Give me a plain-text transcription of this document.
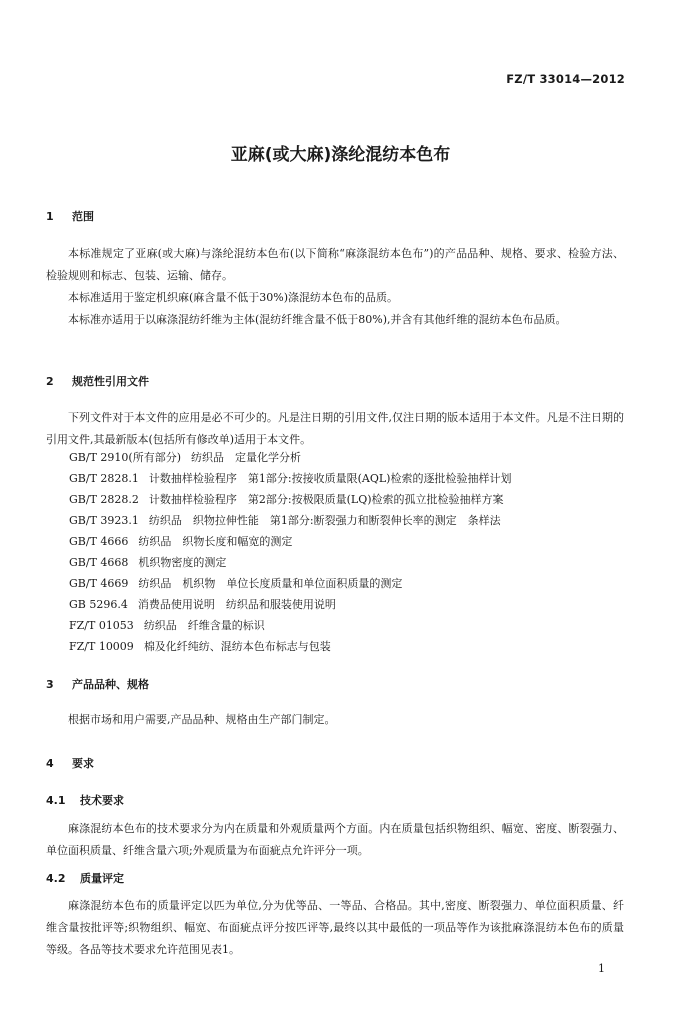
FZ/T 33014—2012
亚麻(或大麻)涤纶混纺本色布
1 范围

本标准规定了亚麻(或大麻)与涤纶混纺本色布(以下简称“麻涤混纺本色布”)的产品品种、规格、要求、检验方法、检验规则和标志、包装、运输、储存。

本标准适用于鉴定机织麻(麻含量不低于30%)涤混纺本色布的品质。

本标准亦适用于以麻涤混纺纤维为主体(混纺纤维含量不低于80%),并含有其他纤维的混纺本色布品质。

2 规范性引用文件

下列文件对于本文件的应用是必不可少的。凡是注日期的引用文件,仅注日期的版本适用于本文件。凡是不注日期的引用文件,其最新版本(包括所有修改单)适用于本文件。

GB/T 2910(所有部分) 纺织品　定量化学分析
GB/T 2828.1 计数抽样检验程序　第1部分:按接收质量限(AQL)检索的逐批检验抽样计划
GB/T 2828.2 计数抽样检验程序　第2部分:按极限质量(LQ)检索的孤立批检验抽样方案
GB/T 3923.1 纺织品　织物拉伸性能　第1部分:断裂强力和断裂伸长率的测定　条样法
GB/T 4666 纺织品　织物长度和幅宽的测定
GB/T 4668 机织物密度的测定
GB/T 4669 纺织品　机织物　单位长度质量和单位面积质量的测定
GB 5296.4 消费品使用说明　纺织品和服装使用说明
FZ/T 01053 纺织品　纤维含量的标识
FZ/T 10009 棉及化纤纯纺、混纺本色布标志与包装
3 产品品种、规格

根据市场和用户需要,产品品种、规格由生产部门制定。

4 要求
4.1 技术要求

麻涤混纺本色布的技术要求分为内在质量和外观质量两个方面。内在质量包括织物组织、幅宽、密度、断裂强力、单位面积质量、纤维含量六项;外观质量为布面疵点允许评分一项。

4.2 质量评定

麻涤混纺本色布的质量评定以匹为单位,分为优等品、一等品、合格品。其中,密度、断裂强力、单位面积质量、纤维含量按批评等;织物组织、幅宽、布面疵点评分按匹评等,最终以其中最低的一项品等作为该批麻涤混纺本色布的质量等级。各品等技术要求允许范围见表1。

1
